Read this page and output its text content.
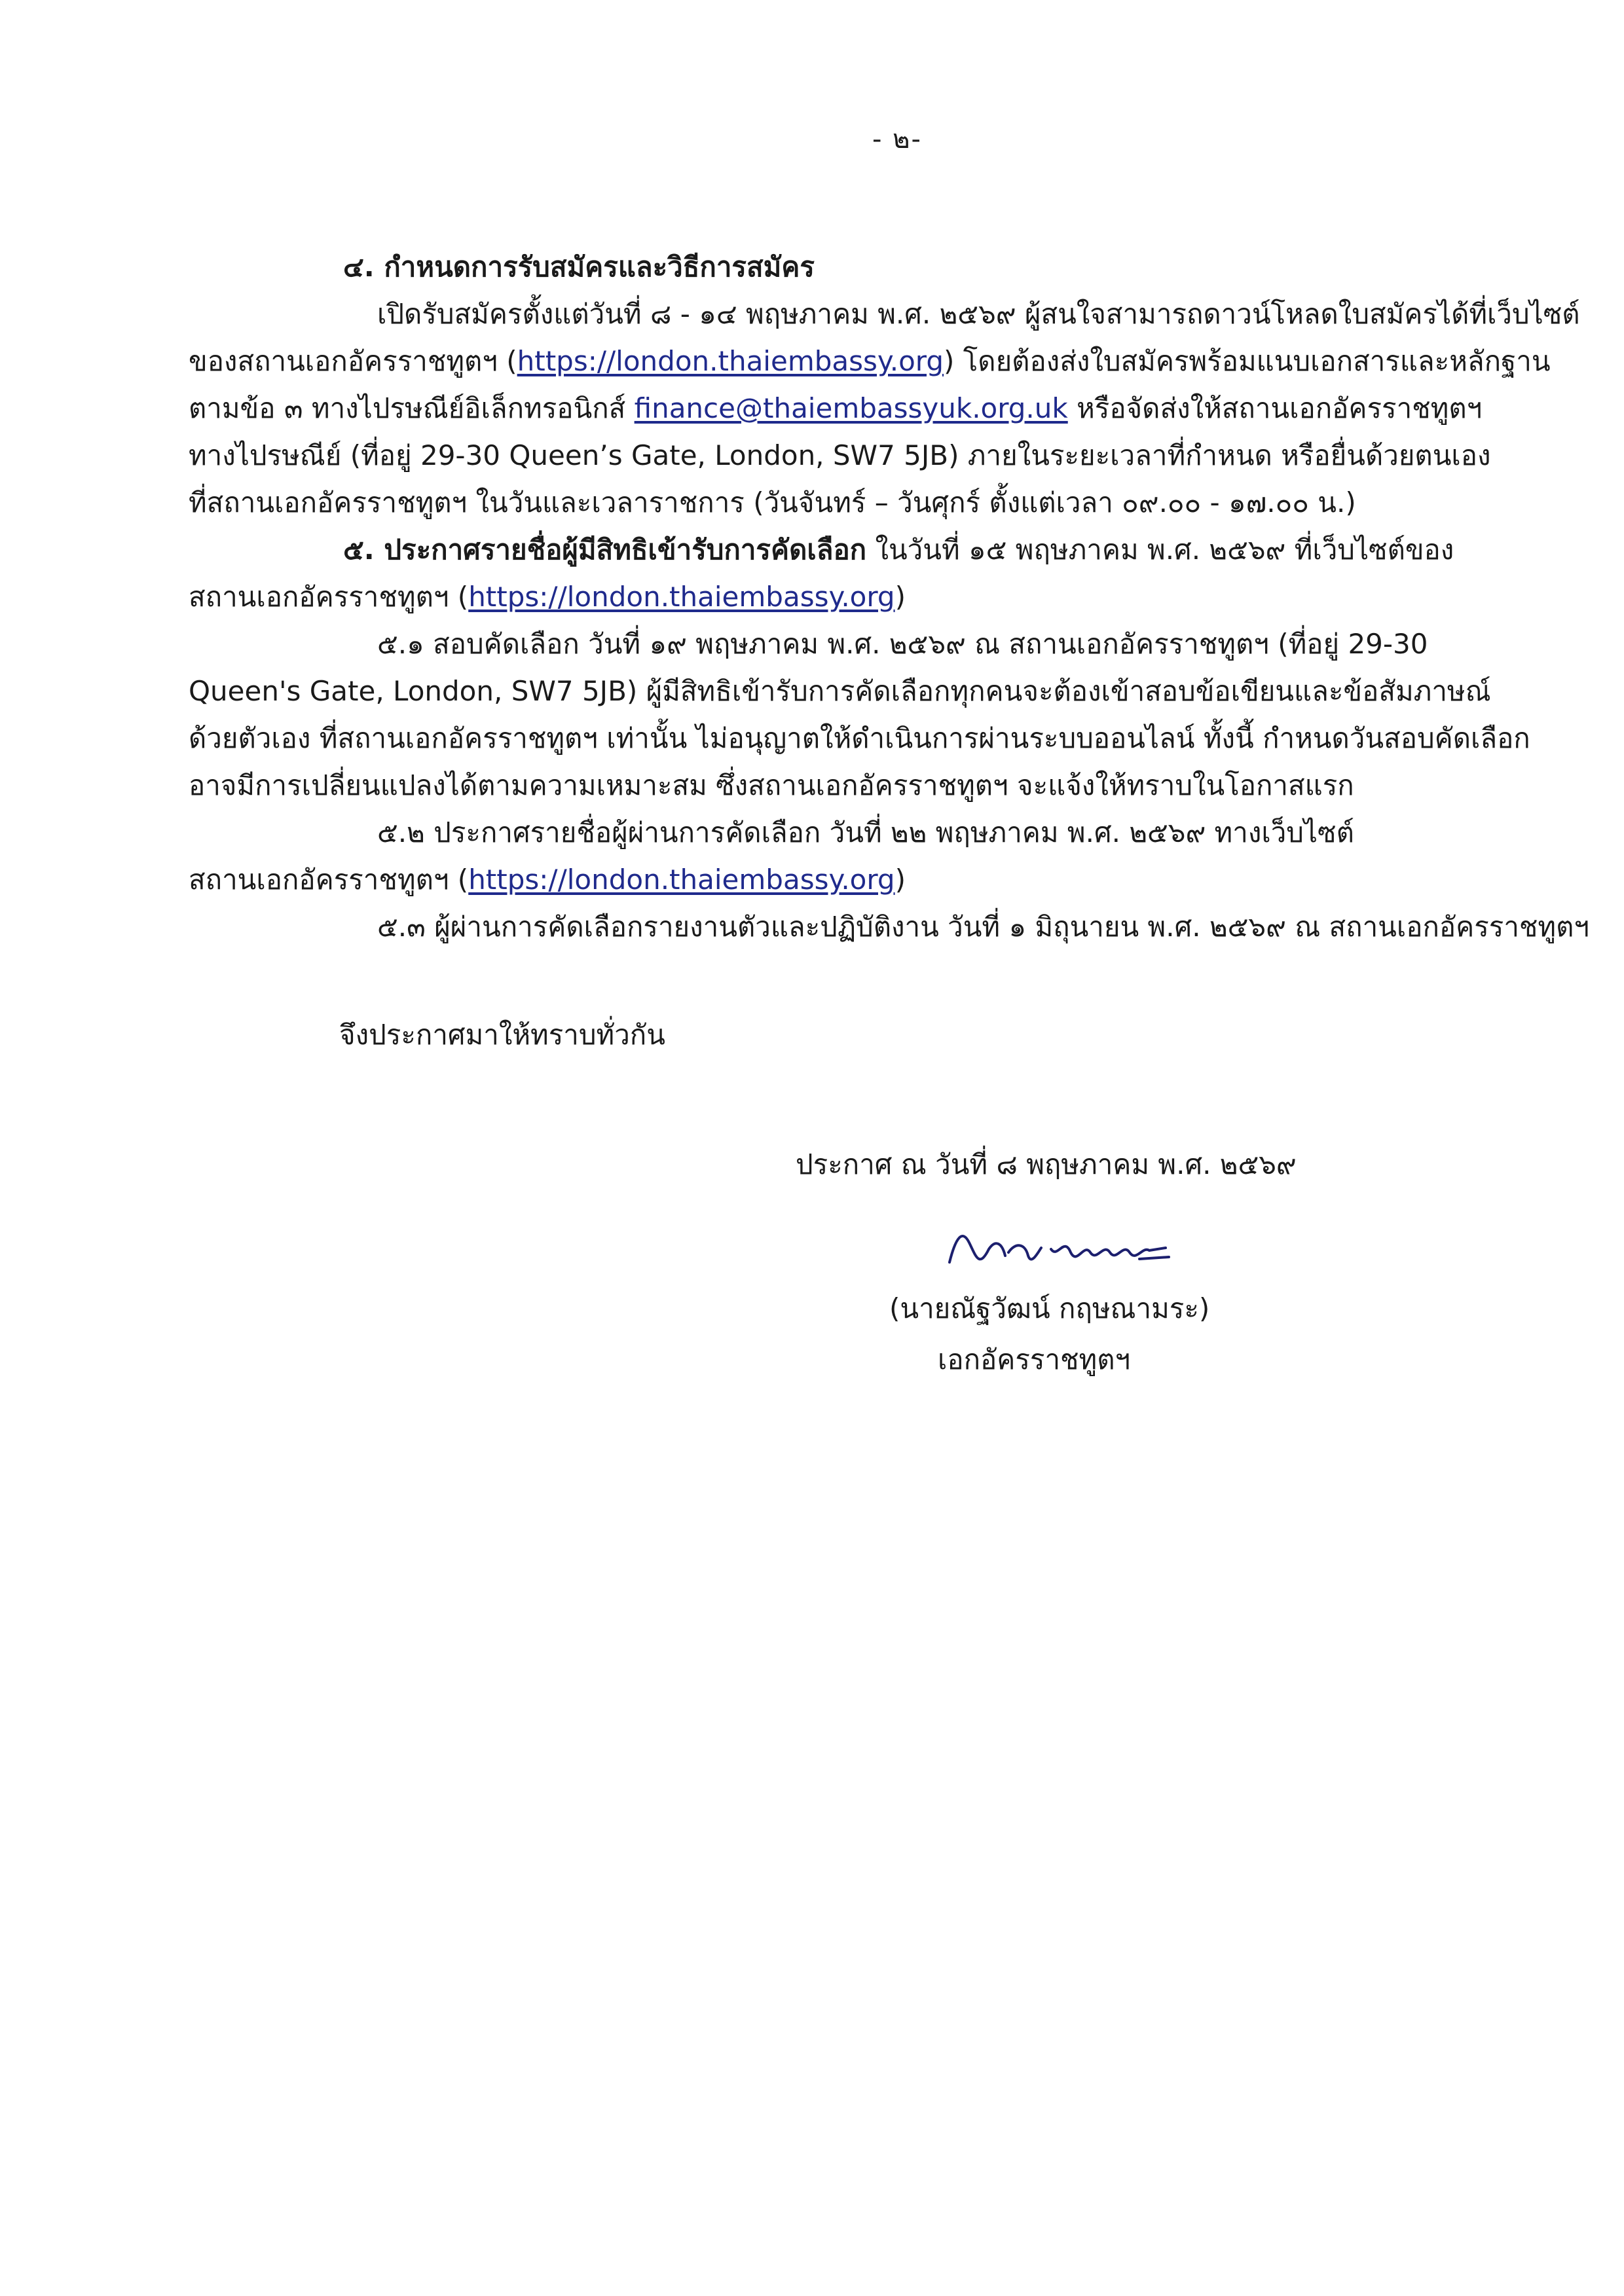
- ๒-
๔. กำหนดการรับสมัครและวิธีการสมัคร
เปิดรับสมัครตั้งแต่วันที่ ๘ - ๑๔ พฤษภาคม พ.ศ. ๒๕๖๙ ผู้สนใจสามารถดาวน์โหลดใบสมัครได้ที่เว็บไซต์
ของสถานเอกอัครราชทูตฯ (https://london.thaiembassy.org) โดยต้องส่งใบสมัครพร้อมแนบเอกสารและหลักฐาน
ตามข้อ ๓ ทางไปรษณีย์อิเล็กทรอนิกส์ finance@thaiembassyuk.org.uk หรือจัดส่งให้สถานเอกอัครราชทูตฯ
ทางไปรษณีย์ (ที่อยู่ 29-30 Queen’s Gate, London, SW7 5JB) ภายในระยะเวลาที่กำหนด หรือยื่นด้วยตนเอง
ที่สถานเอกอัครราชทูตฯ ในวันและเวลาราชการ (วันจันทร์ – วันศุกร์ ตั้งแต่เวลา ๐๙.๐๐ - ๑๗.๐๐ น.)
๕. ประกาศรายชื่อผู้มีสิทธิเข้ารับการคัดเลือก ในวันที่ ๑๕ พฤษภาคม พ.ศ. ๒๕๖๙ ที่เว็บไซต์ของ
สถานเอกอัครราชทูตฯ (https://london.thaiembassy.org)
๕.๑ สอบคัดเลือก วันที่ ๑๙ พฤษภาคม พ.ศ. ๒๕๖๙ ณ สถานเอกอัครราชทูตฯ (ที่อยู่ 29-30
Queen's Gate, London, SW7 5JB) ผู้มีสิทธิเข้ารับการคัดเลือกทุกคนจะต้องเข้าสอบข้อเขียนและข้อสัมภาษณ์
ด้วยตัวเอง ที่สถานเอกอัครราชทูตฯ เท่านั้น ไม่อนุญาตให้ดำเนินการผ่านระบบออนไลน์ ทั้งนี้ กำหนดวันสอบคัดเลือก
อาจมีการเปลี่ยนแปลงได้ตามความเหมาะสม ซึ่งสถานเอกอัครราชทูตฯ จะแจ้งให้ทราบในโอกาสแรก
๕.๒ ประกาศรายชื่อผู้ผ่านการคัดเลือก วันที่ ๒๒ พฤษภาคม พ.ศ. ๒๕๖๙ ทางเว็บไซต์
สถานเอกอัครราชทูตฯ (https://london.thaiembassy.org)
๕.๓ ผู้ผ่านการคัดเลือกรายงานตัวและปฏิบัติงาน วันที่ ๑ มิถุนายน พ.ศ. ๒๕๖๙ ณ สถานเอกอัครราชทูตฯ
จึงประกาศมาให้ทราบทั่วกัน
ประกาศ ณ วันที่ ๘ พฤษภาคม พ.ศ. ๒๕๖๙
(นายณัฐวัฒน์ กฤษณามระ)
เอกอัครราชทูตฯ
